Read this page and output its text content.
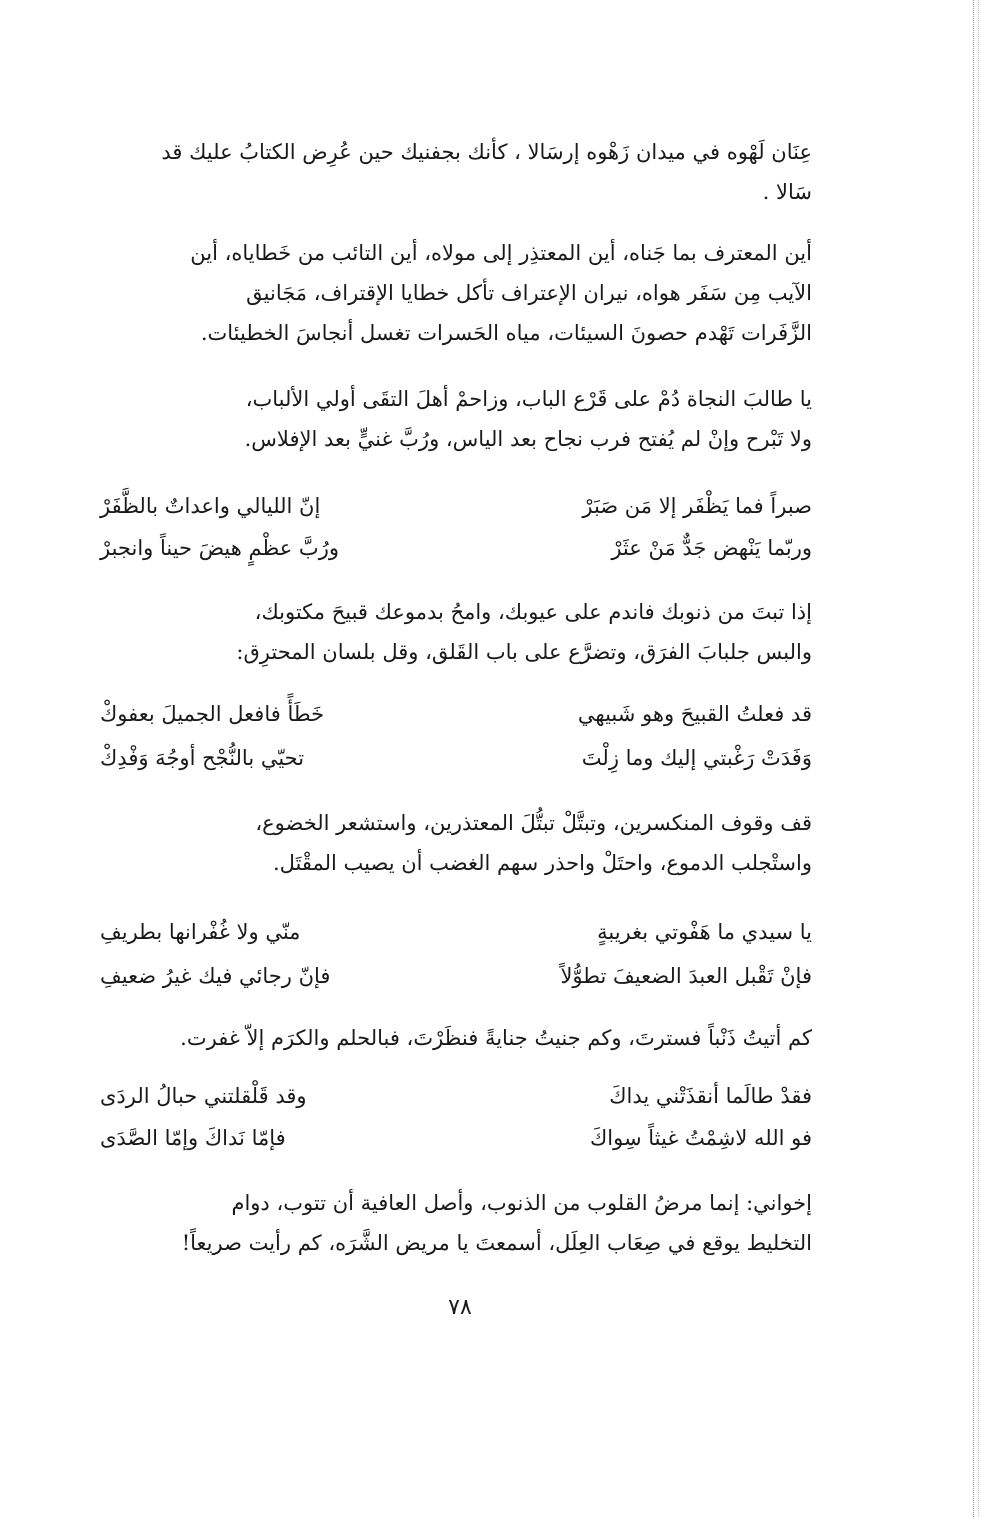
عِنَان لَهْوه في ميدان زَهْوه إرسَالا ، كأنك بجفنيك حين عُرِض الكتابُ عليك قد
سَالا .
أين المعترف بما جَناه، أين المعتذِر إلى مولاه، أين التائب من خَطاياه، أين
الآيب مِن سَفَر هواه، نيران الإعتراف تأكل خطايا الإقتراف، مَجَانيق
الزَّفَرات تَهْدم حصونَ السيئات، مياه الحَسرات تغسل أنجاسَ الخطيئات.
يا طالبَ النجاة دُمْ على قَرْع الباب، وزاحمْ أهلَ التقَى أولي الألباب،
ولا تَبْرح وإنْ لم يُفتح فرب نجاح بعد الياس، ورُبَّ غنيٍّ بعد الإفلاس.
صبراً فما يَظْفَر إلا مَن صَبَرْ
إنّ الليالي واعداتٌ بالظَّفَرْ
وربّما يَنْهض جَدٌّ مَنْ عثَرْ
ورُبَّ عظْمٍ هيضَ حيناً وانجبرْ
إذا تبتَ من ذنوبك فاندم على عيوبك، وامحُ بدموعك قبيحَ مكتوبك،
والبس جلبابَ الفرَق، وتضرَّع على باب القَلق، وقل بلسان المحترِق:
قد فعلتُ القبيحَ وهو شَبيهي
خَطَأً فافعل الجميلَ بعفوكْ
وَفَدَتْ رَغْبتي إليك وما زِلْتَ
تحيّي بالنُّجْح أوجُهَ وَفْدِكْ
قف وقوف المنكسرين، وتبتَّلْ تبتُّلَ المعتذرين، واستشعر الخضوع،
واستْجلب الدموع، واحتَلْ واحذر سهم الغضب أن يصيب المقْتَل.
يا سيدي ما هَفْوتي بغريبةٍ
منّي ولا غُفْرانها بطريفِ
فإنْ تَقْبل العبدَ الضعيفَ تطوُّلاً
فإنّ رجائي فيك غيرُ ضعيفِ
كم أتيتُ ذَنْباً فسترتَ، وكم جنيتُ جنايةً فنظَرْتَ، فبالحلم والكرَم إلاّ غفرت.
فقدْ طالَما أنقذَتْني يداكَ
وقد قَلْقلتني حبالُ الردَى
فو الله لاشِمْتُ غيثاً سِواكَ
فإمّا نَداكَ وإمّا الصَّدَى
إخواني: إنما مرضُ القلوب من الذنوب، وأصل العافية أن تتوب، دوام
التخليط يوقع في صِعَاب العِلَل، أسمعتَ يا مريض الشَّرَه، كم رأيت صريعاً!
٧٨
